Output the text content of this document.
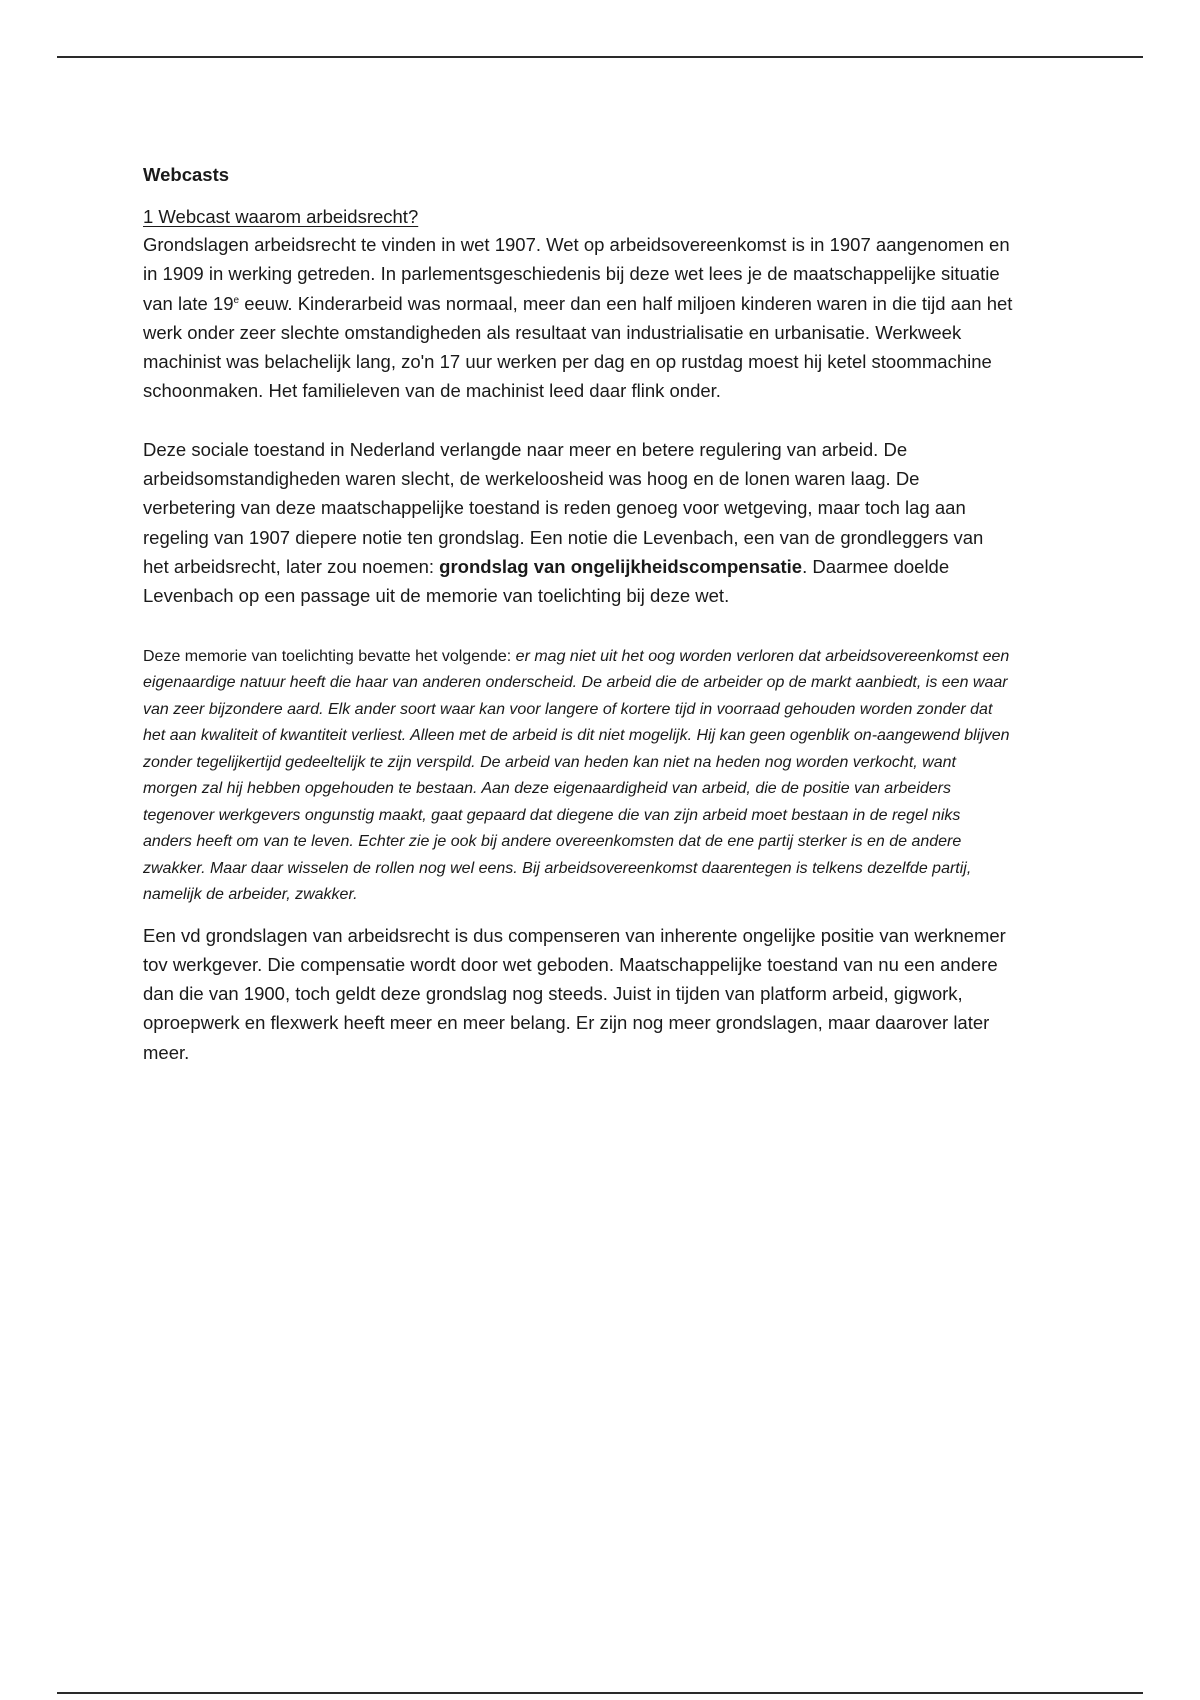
Webcasts

1 Webcast waarom arbeidsrecht?

Grondslagen arbeidsrecht te vinden in wet 1907. Wet op arbeidsovereenkomst is in 1907 aangenomen en in 1909 in werking getreden. In parlementsgeschiedenis bij deze wet lees je de maatschappelijke situatie van late 19e eeuw. Kinderarbeid was normaal, meer dan een half miljoen kinderen waren in die tijd aan het werk onder zeer slechte omstandigheden als resultaat van industrialisatie en urbanisatie. Werkweek machinist was belachelijk lang, zo'n 17 uur werken per dag en op rustdag moest hij ketel stoommachine schoonmaken. Het familieleven van de machinist leed daar flink onder.

Deze sociale toestand in Nederland verlangde naar meer en betere regulering van arbeid. De arbeidsomstandigheden waren slecht, de werkeloosheid was hoog en de lonen waren laag. De verbetering van deze maatschappelijke toestand is reden genoeg voor wetgeving, maar toch lag aan regeling van 1907 diepere notie ten grondslag. Een notie die Levenbach, een van de grondleggers van het arbeidsrecht, later zou noemen: grondslag van ongelijkheidscompensatie. Daarmee doelde Levenbach op een passage uit de memorie van toelichting bij deze wet.

Deze memorie van toelichting bevatte het volgende: er mag niet uit het oog worden verloren dat arbeidsovereenkomst een eigenaardige natuur heeft die haar van anderen onderscheid. De arbeid die de arbeider op de markt aanbiedt, is een waar van zeer bijzondere aard. Elk ander soort waar kan voor langere of kortere tijd in voorraad gehouden worden zonder dat het aan kwaliteit of kwantiteit verliest. Alleen met de arbeid is dit niet mogelijk. Hij kan geen ogenblik on-aangewend blijven zonder tegelijkertijd gedeeltelijk te zijn verspild. De arbeid van heden kan niet na heden nog worden verkocht, want morgen zal hij hebben opgehouden te bestaan. Aan deze eigenaardigheid van arbeid, die de positie van arbeiders tegenover werkgevers ongunstig maakt, gaat gepaard dat diegene die van zijn arbeid moet bestaan in de regel niks anders heeft om van te leven. Echter zie je ook bij andere overeenkomsten dat de ene partij sterker is en de andere zwakker. Maar daar wisselen de rollen nog wel eens. Bij arbeidsovereenkomst daarentegen is telkens dezelfde partij, namelijk de arbeider, zwakker.

Een vd grondslagen van arbeidsrecht is dus compenseren van inherente ongelijke positie van werknemer tov werkgever. Die compensatie wordt door wet geboden. Maatschappelijke toestand van nu een andere dan die van 1900, toch geldt deze grondslag nog steeds. Juist in tijden van platform arbeid, gigwork, oproepwerk en flexwerk heeft meer en meer belang. Er zijn nog meer grondslagen, maar daarover later meer.
